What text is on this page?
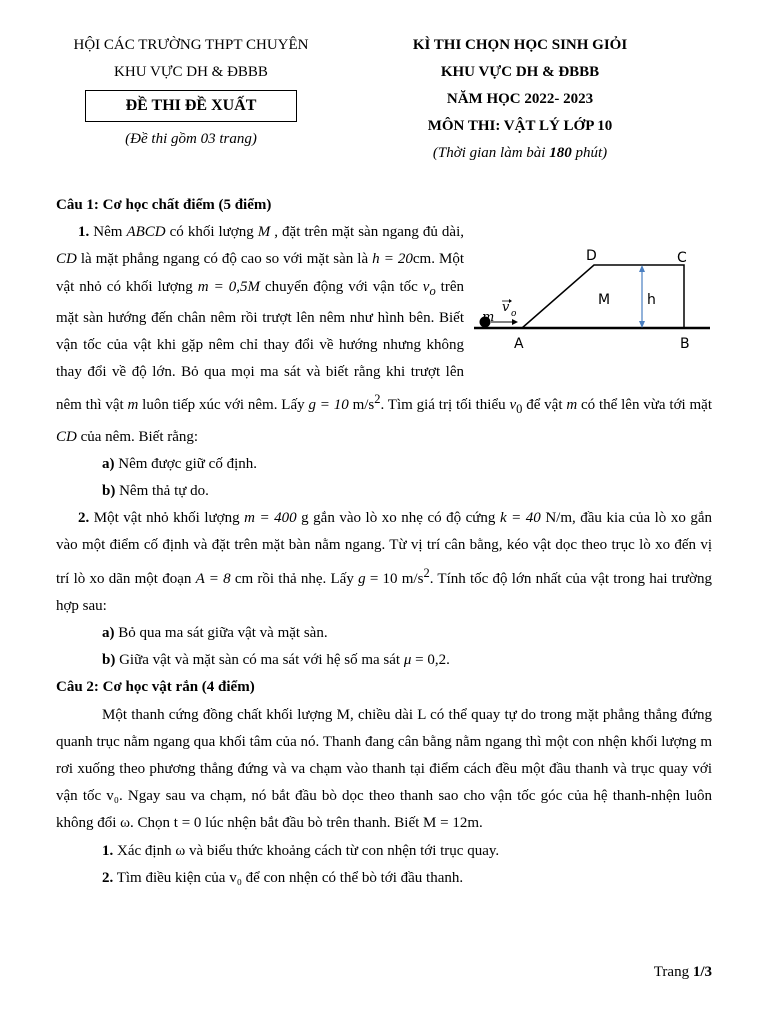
HỘI CÁC TRƯỜNG THPT CHUYÊN
KHU VỰC DH & ĐBBB
ĐỀ THI ĐỀ XUẤT
(Đề thi gồm 03 trang)
KÌ THI CHỌN HỌC SINH GIỎI
KHU VỰC DH & ĐBBB
NĂM HỌC 2022- 2023
MÔN THI: VẬT LÝ LỚP 10
(Thời gian làm bài 180 phút)
D	C
M	h
m
v o
A	B

Câu 1: Cơ học chất điểm (5 điểm)

1. Nêm ABCD có khối lượng M , đặt trên mặt sàn ngang đủ dài, CD là mặt phẳng ngang có độ cao so với mặt sàn là h = 20cm. Một vật nhỏ có khối lượng m = 0,5M chuyển động với vận tốc $v_o$ trên mặt sàn hướng đến chân nêm rồi trượt lên nêm như hình bên. Biết vận tốc của vật khi gặp nêm chỉ thay đổi về hướng nhưng không thay đổi về độ lớn. Bỏ qua mọi ma sát và biết rằng khi trượt lên nêm thì vật m luôn tiếp xúc với nêm. Lấy g = 10 $m/s^2$. Tìm giá trị tối thiểu $v_0$ để vật m có thể lên vừa tới mặt CD của nêm. Biết rằng:

a) Nêm được giữ cố định.

b) Nêm thả tự do.

2. Một vật nhỏ khối lượng m = 400 g gắn vào lò xo nhẹ có độ cứng k = 40 N/m, đầu kia của lò xo gắn vào một điểm cố định và đặt trên mặt bàn nằm ngang. Từ vị trí cân bằng, kéo vật dọc theo trục lò xo đến vị trí lò xo dãn một đoạn A = 8 cm rồi thả nhẹ. Lấy g = 10 $m/s^2$. Tính tốc độ lớn nhất của vật trong hai trường hợp sau:

a) Bỏ qua ma sát giữa vật và mặt sàn.

b) Giữa vật và mặt sàn có ma sát với hệ số ma sát μ = 0,2.

Câu 2: Cơ học vật rắn (4 điểm)

Một thanh cứng đồng chất khối lượng M, chiều dài L có thể quay tự do trong mặt phẳng thẳng đứng quanh trục nằm ngang qua khối tâm của nó. Thanh đang cân bằng nằm ngang thì một con nhện khối lượng m rơi xuống theo phương thẳng đứng và va chạm vào thanh tại điểm cách đều một đầu thanh và trục quay với vận tốc v₀. Ngay sau va chạm, nó bắt đầu bò dọc theo thanh sao cho vận tốc góc của hệ thanh-nhện luôn không đổi ω. Chọn t = 0 lúc nhện bắt đầu bò trên thanh. Biết M = 12m.

1. Xác định ω và biểu thức khoảng cách từ con nhện tới trục quay.

2. Tìm điều kiện của v₀ để con nhện có thể bò tới đầu thanh.

Trang 1/3
